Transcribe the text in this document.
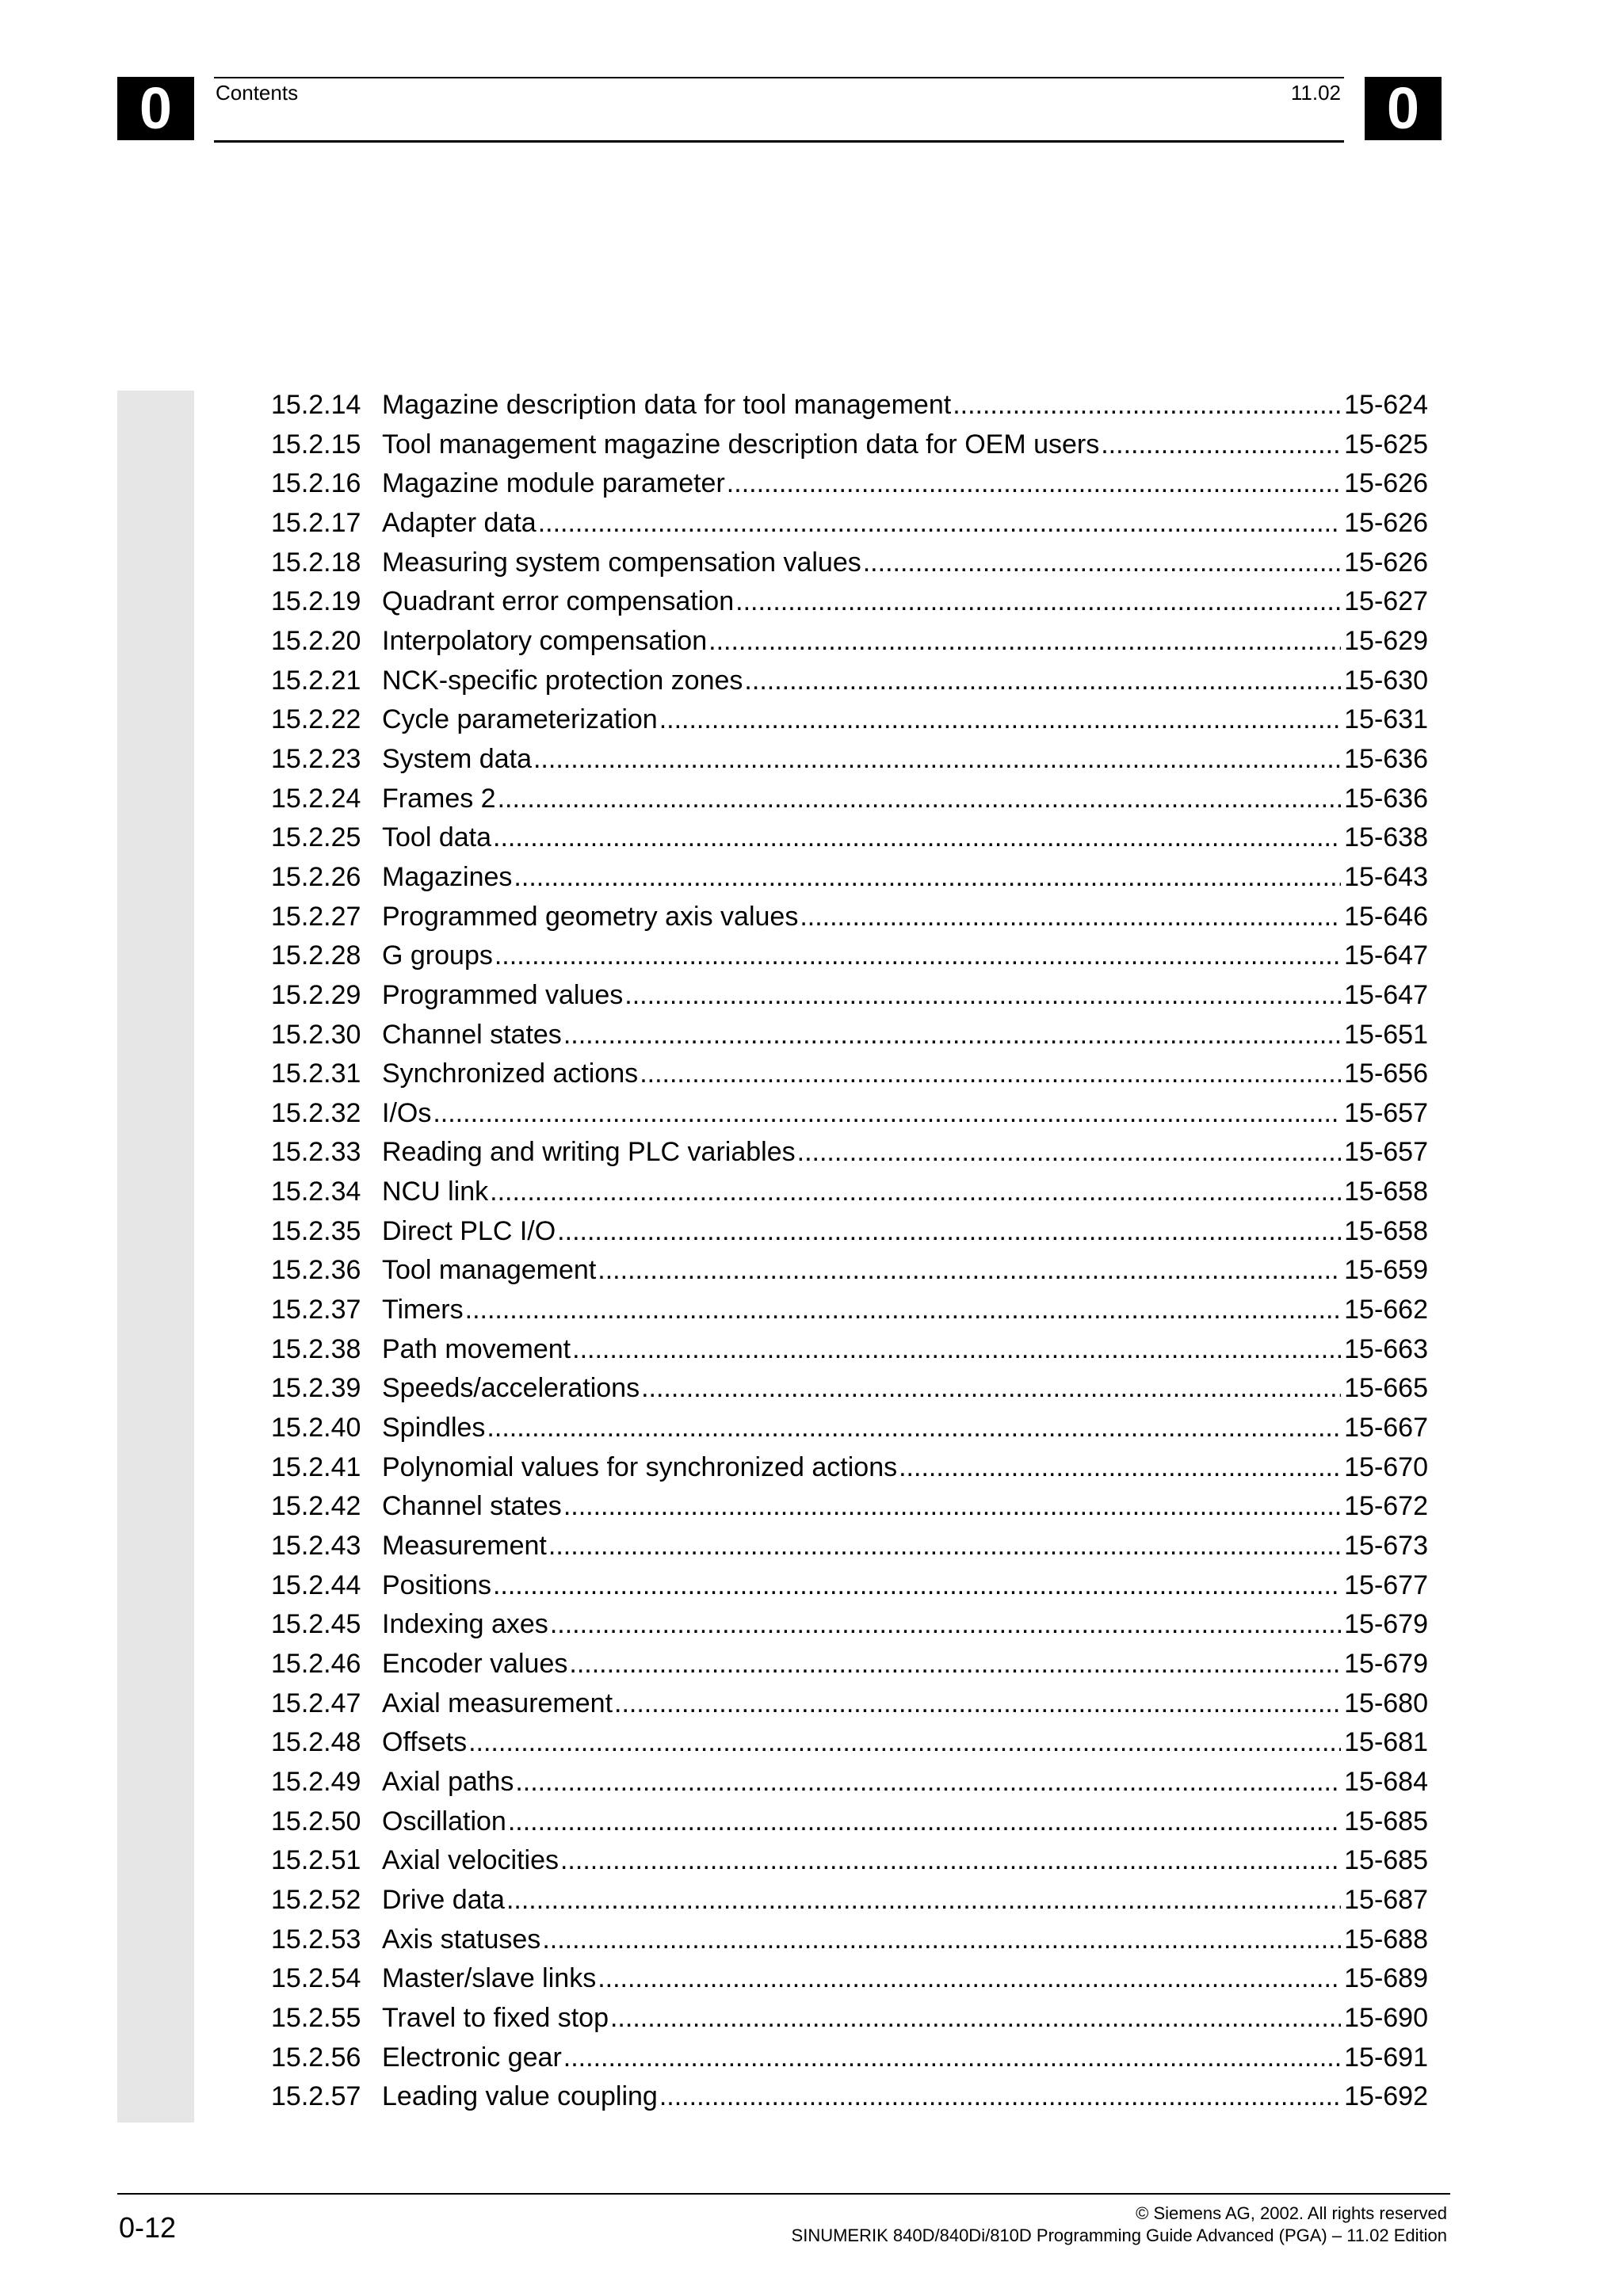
0	Contents	11.02 0
15.2.14 Magazine description data for tool management .....	15-624
15.2.15 Tool management magazine description data for OEM users .....	15-625
15.2.16 Magazine module parameter .....	15-626
15.2.17 Adapter data .....	15-626
15.2.18 Measuring system compensation values .....	15-626
15.2.19 Quadrant error compensation .....	15-627
15.2.20 Interpolatory compensation .....	15-629
15.2.21 NCK-specific protection zones .....	15-630
15.2.22 Cycle parameterization .....	15-631
15.2.23 System data .....	15-636
15.2.24 Frames 2 .....	15-636
15.2.25 Tool data .....	15-638
15.2.26 Magazines .....	15-643
15.2.27 Programmed geometry axis values .....	15-646
15.2.28 G groups .....	15-647
15.2.29 Programmed values .....	15-647
15.2.30 Channel states .....	15-651
15.2.31 Synchronized actions .....	15-656
15.2.32 I/Os .....	15-657
15.2.33 Reading and writing PLC variables .....	15-657
15.2.34 NCU link .....	15-658
15.2.35 Direct PLC I/O .....	15-658
15.2.36 Tool management .....	15-659
15.2.37 Timers .....	15-662
15.2.38 Path movement .....	15-663
15.2.39 Speeds/accelerations .....	15-665
15.2.40 Spindles .....	15-667
15.2.41 Polynomial values for synchronized actions .....	15-670
15.2.42 Channel states .....	15-672
15.2.43 Measurement .....	15-673
15.2.44 Positions .....	15-677
15.2.45 Indexing axes .....	15-679
15.2.46 Encoder values .....	15-679
15.2.47 Axial measurement .....	15-680
15.2.48 Offsets .....	15-681
15.2.49 Axial paths .....	15-684
15.2.50 Oscillation .....	15-685
15.2.51 Axial velocities .....	15-685
15.2.52 Drive data .....	15-687
15.2.53 Axis statuses .....	15-688
15.2.54 Master/slave links .....	15-689
15.2.55 Travel to fixed stop .....	15-690
15.2.56 Electronic gear .....	15-691
15.2.57 Leading value coupling .....	15-692
0-12	© Siemens AG, 2002. All rights reserved
SINUMERIK 840D/840Di/810D Programming Guide Advanced (PGA) – 11.02 Edition
